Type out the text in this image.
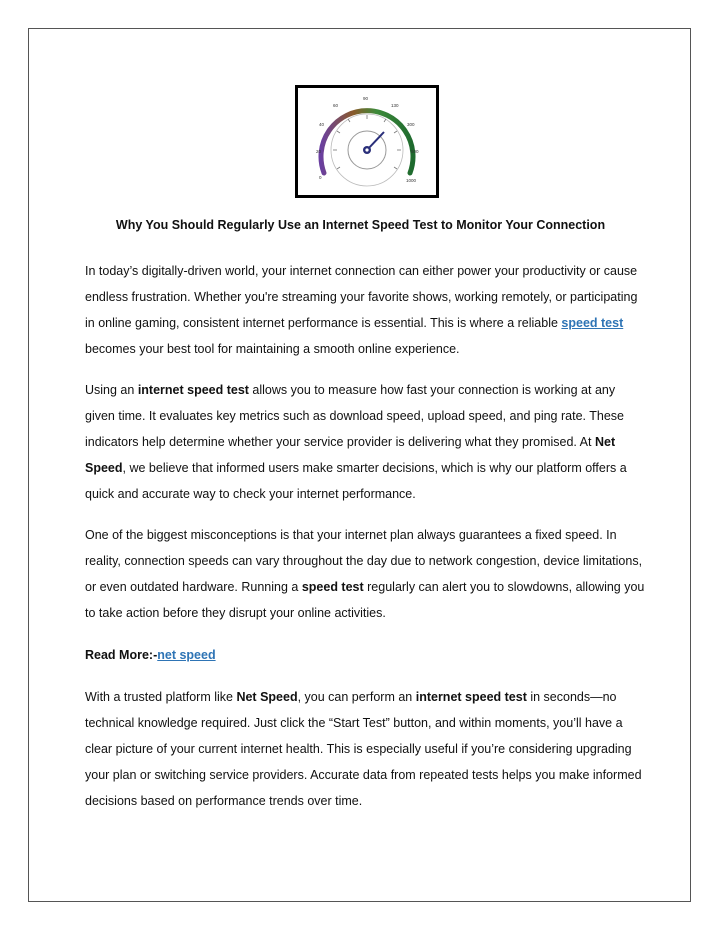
0
20
40
60
90
130
300
500
1000
Why You Should Regularly Use an Internet Speed Test to Monitor Your Connection

In today’s digitally-driven world, your internet connection can either power your productivity or cause endless frustration. Whether you're streaming your favorite shows, working remotely, or participating in online gaming, consistent internet performance is essential. This is where a reliable speed test becomes your best tool for maintaining a smooth online experience.

Using an internet speed test allows you to measure how fast your connection is working at any given time. It evaluates key metrics such as download speed, upload speed, and ping rate. These indicators help determine whether your service provider is delivering what they promised. At Net Speed, we believe that informed users make smarter decisions, which is why our platform offers a quick and accurate way to check your internet performance.

One of the biggest misconceptions is that your internet plan always guarantees a fixed speed. In reality, connection speeds can vary throughout the day due to network congestion, device limitations, or even outdated hardware. Running a speed test regularly can alert you to slowdowns, allowing you to take action before they disrupt your online activities.

Read More:-net speed

With a trusted platform like Net Speed, you can perform an internet speed test in seconds—no technical knowledge required. Just click the “Start Test” button, and within moments, you’ll have a clear picture of your current internet health. This is especially useful if you’re considering upgrading your plan or switching service providers. Accurate data from repeated tests helps you make informed decisions based on performance trends over time.
